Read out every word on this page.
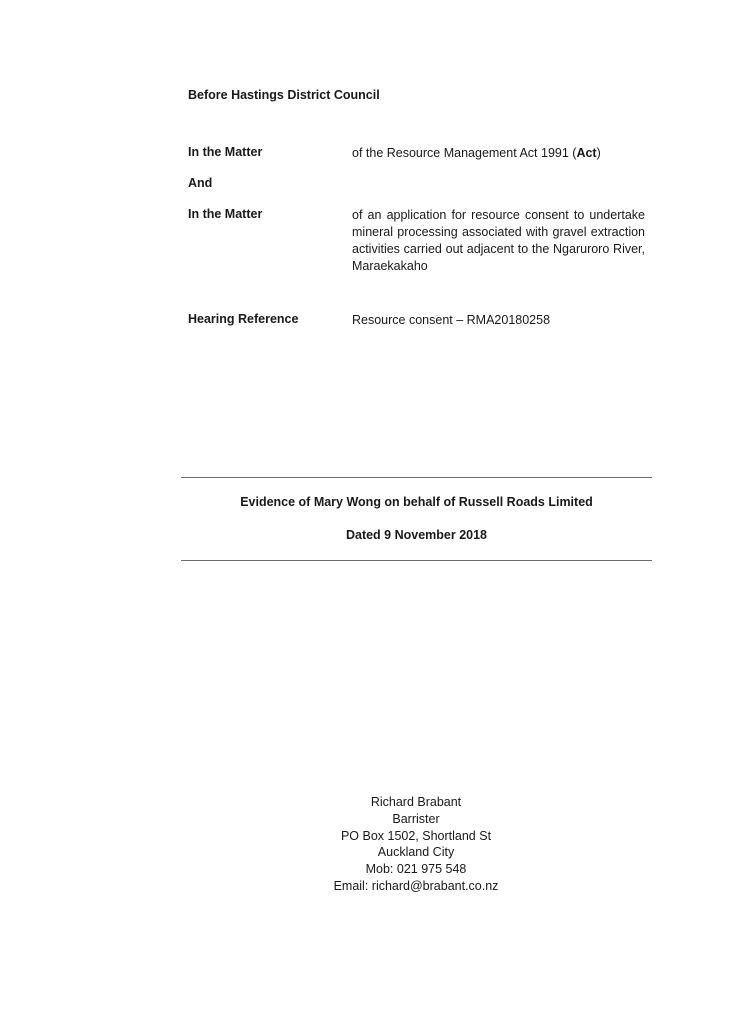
Before Hastings District Council
In the Matter	of the Resource Management Act 1991 (Act)
And
In the Matter	of an application for resource consent to undertake mineral processing associated with gravel extraction activities carried out adjacent to the Ngaruroro River, Maraekakaho
Hearing Reference	Resource consent – RMA20180258
Evidence of Mary Wong on behalf of Russell Roads Limited
Dated 9 November 2018
Richard Brabant
Barrister
PO Box 1502, Shortland St
Auckland City
Mob: 021 975 548
Email: richard@brabant.co.nz
